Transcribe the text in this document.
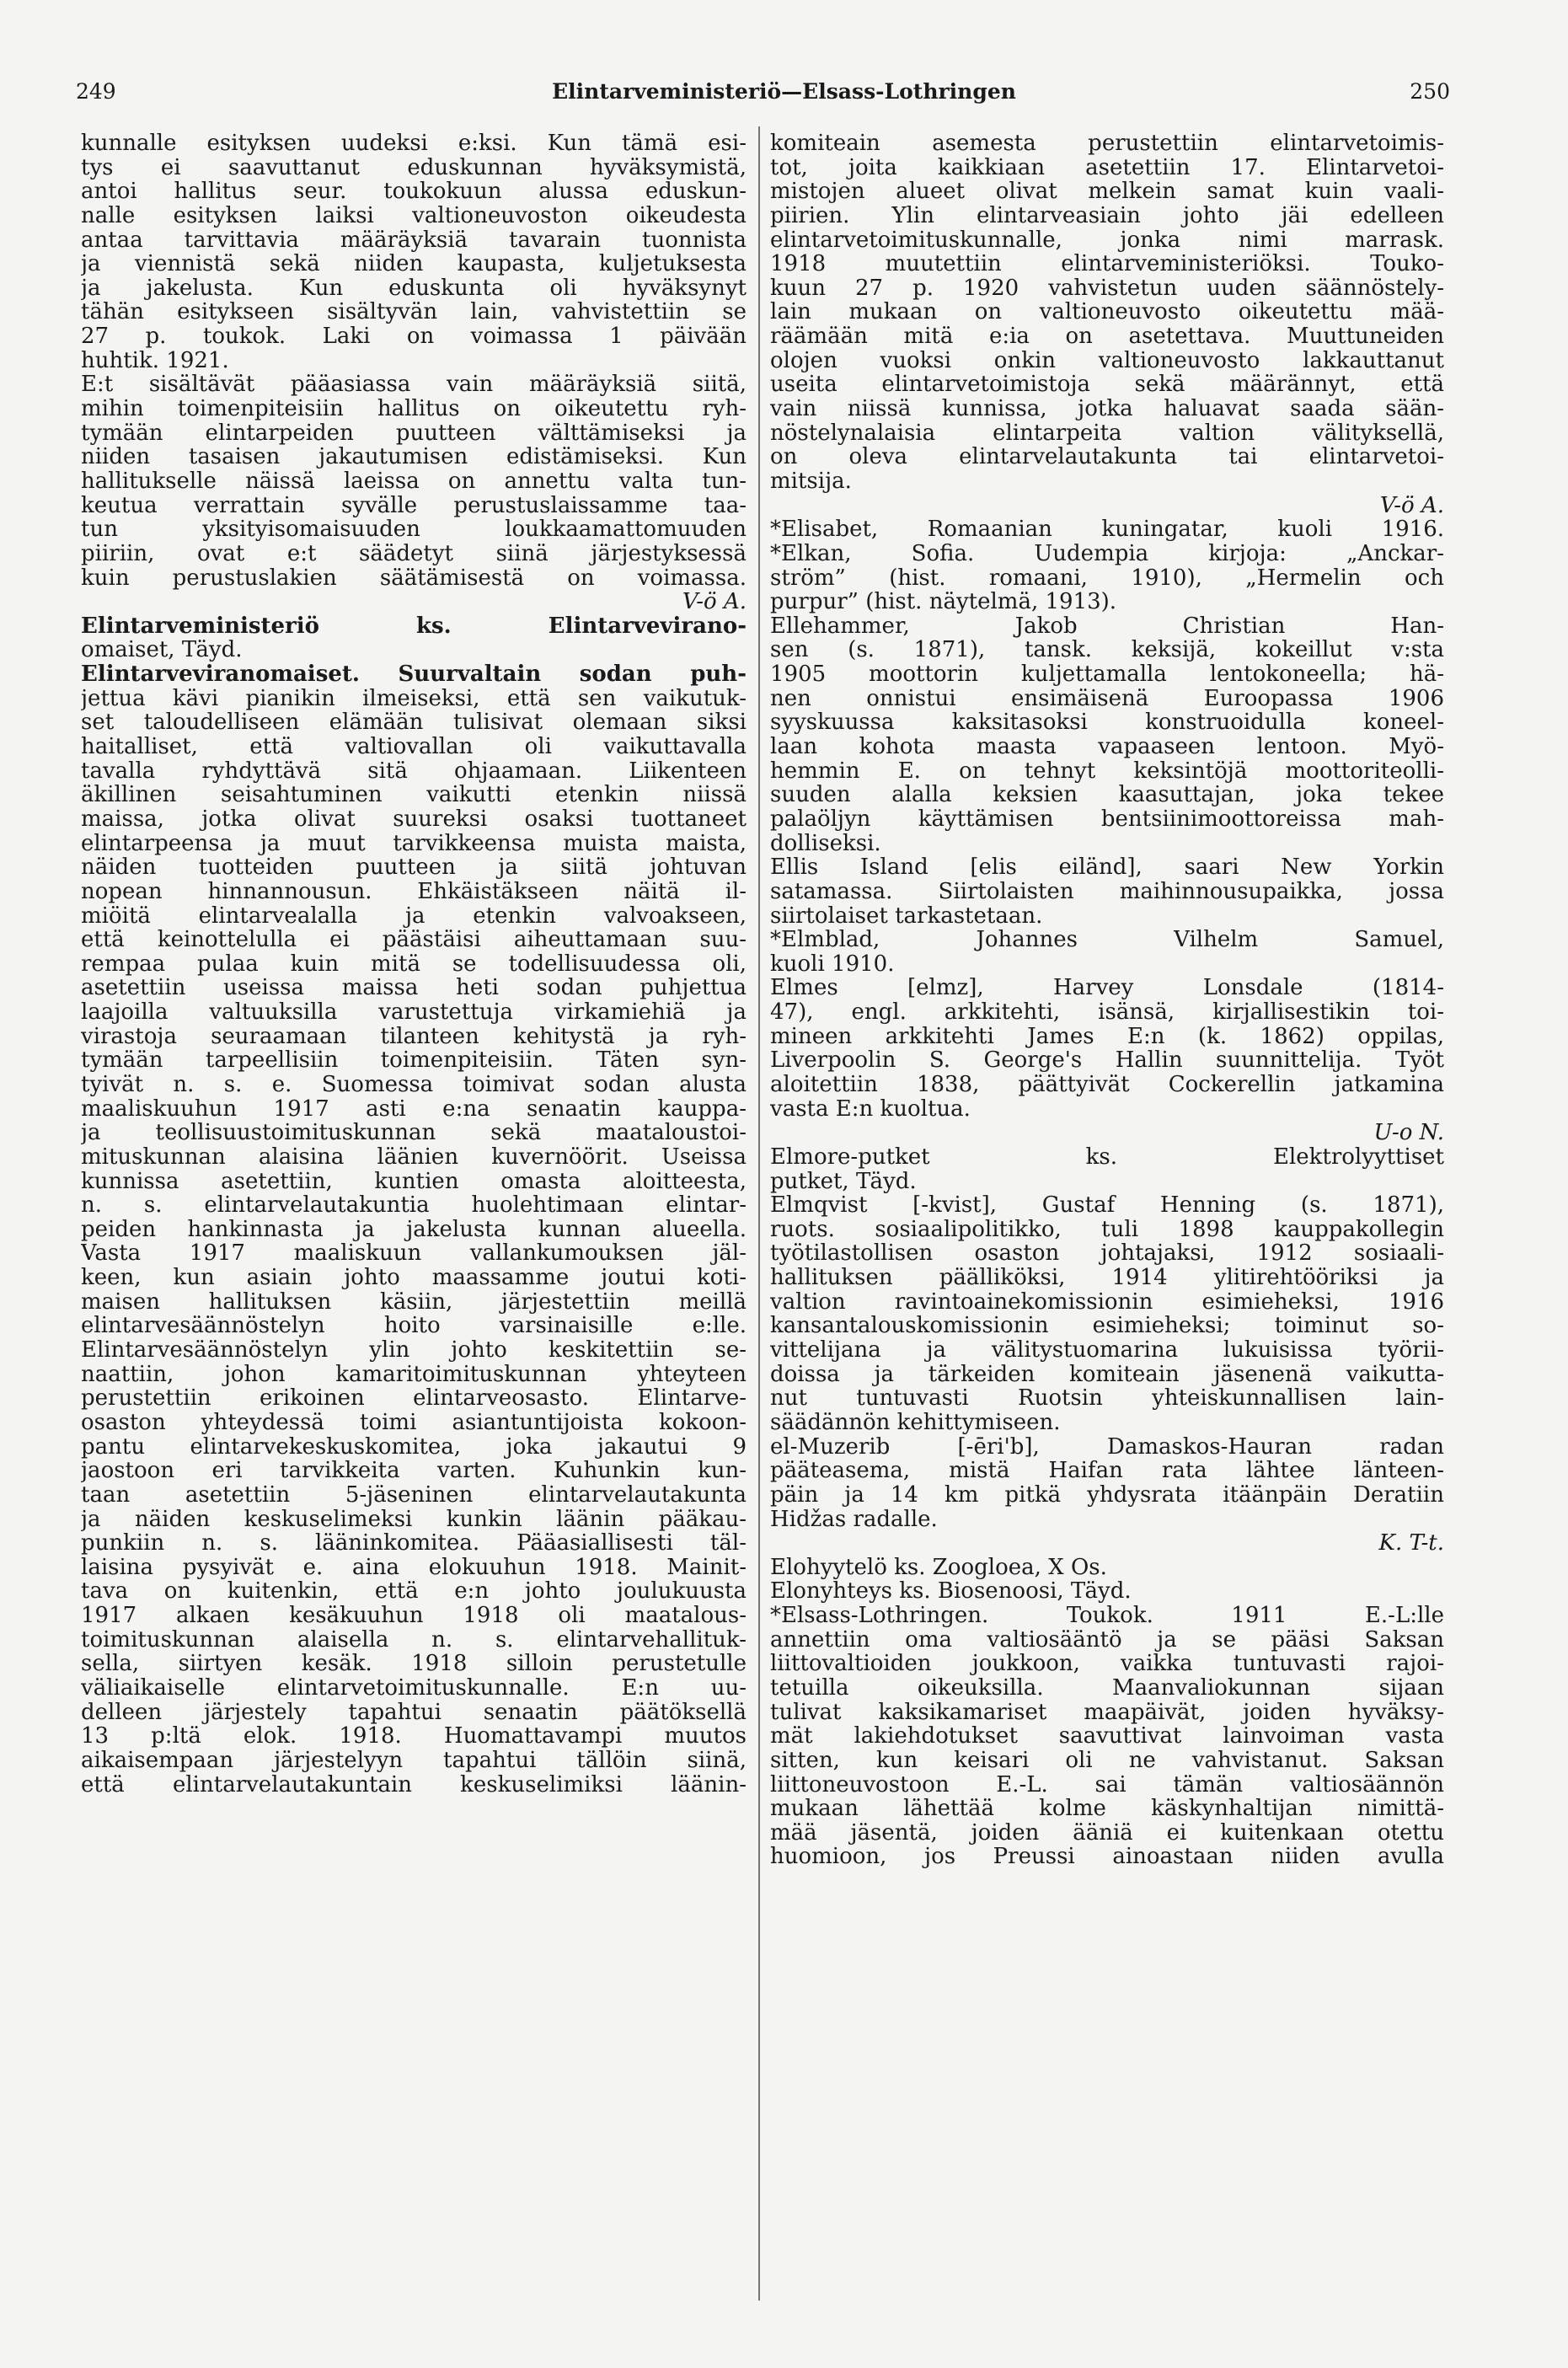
249	Elintarveministeriö—Elsass-Lothringen	250
kunnalle esityksen uudeksi e:ksi. Kun tämä esi-
tys ei saavuttanut eduskunnan hyväksymistä,
antoi hallitus seur. toukokuun alussa eduskun-
nalle esityksen laiksi valtioneuvoston oikeudesta
antaa tarvittavia määräyksiä tavarain tuonnista
ja viennistä sekä niiden kaupasta, kuljetuksesta
ja jakelusta. Kun eduskunta oli hyväksynyt
tähän esitykseen sisältyvän lain, vahvistettiin se
27 p. toukok. Laki on voimassa 1 päivään
huhtik. 1921.
E:t sisältävät pääasiassa vain määräyksiä siitä,
mihin toimenpiteisiin hallitus on oikeutettu ryh-
tymään elintarpeiden puutteen välttämiseksi ja
niiden tasaisen jakautumisen edistämiseksi. Kun
hallitukselle näissä laeissa on annettu valta tun-
keutua verrattain syvälle perustuslaissamme taa-
tun yksityisomaisuuden loukkaamattomuuden
piiriin, ovat e:t säädetyt siinä järjestyksessä
kuin perustuslakien säätämisestä on voimassa.
V-ö A.
Elintarveministeriö ks. Elintarvevirano-
omaiset, Täyd.
Elintarveviranomaiset. Suurvaltain sodan puh-
jettua kävi pianikin ilmeiseksi, että sen vaikutuk-
set taloudelliseen elämään tulisivat olemaan siksi
haitalliset, että valtiovallan oli vaikuttavalla
tavalla ryhdyttävä sitä ohjaamaan. Liikenteen
äkillinen seisahtuminen vaikutti etenkin niissä
maissa, jotka olivat suureksi osaksi tuottaneet
elintarpeensa ja muut tarvikkeensa muista maista,
näiden tuotteiden puutteen ja siitä johtuvan
nopean hinnannousun. Ehkäistäkseen näitä il-
miöitä elintarvealalla ja etenkin valvoakseen,
että keinottelulla ei päästäisi aiheuttamaan suu-
rempaa pulaa kuin mitä se todellisuudessa oli,
asetettiin useissa maissa heti sodan puhjettua
laajoilla valtuuksilla varustettuja virkamiehiä ja
virastoja seuraamaan tilanteen kehitystä ja ryh-
tymään tarpeellisiin toimenpiteisiin. Täten syn-
tyivät n. s. e. Suomessa toimivat sodan alusta
maaliskuuhun 1917 asti e:na senaatin kauppa-
ja teollisuustoimituskunnan sekä maataloustoi-
mituskunnan alaisina läänien kuvernöörit. Useissa
kunnissa asetettiin, kuntien omasta aloitteesta,
n. s. elintarvelautakuntia huolehtimaan elintar-
peiden hankinnasta ja jakelusta kunnan alueella.
Vasta 1917 maaliskuun vallankumouksen jäl-
keen, kun asiain johto maassamme joutui koti-
maisen hallituksen käsiin, järjestettiin meillä
elintarvesäännöstelyn hoito varsinaisille e:lle.
Elintarvesäännöstelyn ylin johto keskitettiin se-
naattiin, johon kamaritoimituskunnan yhteyteen
perustettiin erikoinen elintarveosasto. Elintarve-
osaston yhteydessä toimi asiantuntijoista kokoon-
pantu elintarvekeskuskomitea, joka jakautui 9
jaostoon eri tarvikkeita varten. Kuhunkin kun-
taan asetettiin 5-jäseninen elintarvelautakunta
ja näiden keskuselimeksi kunkin läänin pääkau-
punkiin n. s. lääninkomitea. Pääasiallisesti täl-
laisina pysyivät e. aina elokuuhun 1918. Mainit-
tava on kuitenkin, että e:n johto joulukuusta
1917 alkaen kesäkuuhun 1918 oli maatalous-
toimituskunnan alaisella n. s. elintarvehallituk-
sella, siirtyen kesäk. 1918 silloin perustetulle
väliaikaiselle elintarvetoimituskunnalle. E:n uu-
delleen järjestely tapahtui senaatin päätöksellä
13 p:ltä elok. 1918. Huomattavampi muutos
aikaisempaan järjestelyyn tapahtui tällöin siinä,
että elintarvelautakuntain keskuselimiksi läänin-
komiteain asemesta perustettiin elintarvetoimis-
tot, joita kaikkiaan asetettiin 17. Elintarvetoi-
mistojen alueet olivat melkein samat kuin vaali-
piirien. Ylin elintarveasiain johto jäi edelleen
elintarvetoimituskunnalle, jonka nimi marrask.
1918 muutettiin elintarveministeriöksi. Touko-
kuun 27 p. 1920 vahvistetun uuden säännöstely-
lain mukaan on valtioneuvosto oikeutettu mää-
räämään mitä e:ia on asetettava. Muuttuneiden
olojen vuoksi onkin valtioneuvosto lakkauttanut
useita elintarvetoimistoja sekä määrännyt, että
vain niissä kunnissa, jotka haluavat saada sään-
nöstelynalaisia elintarpeita valtion välityksellä,
on oleva elintarvelautakunta tai elintarvetoi-
mitsija.
V-ö A.
*Elisabet, Romaanian kuningatar, kuoli 1916.
*Elkan, Sofia. Uudempia kirjoja: „Anckar-
ström” (hist. romaani, 1910), „Hermelin och
purpur” (hist. näytelmä, 1913).
Ellehammer, Jakob Christian Han-
sen (s. 1871), tansk. keksijä, kokeillut v:sta
1905 moottorin kuljettamalla lentokoneella; hä-
nen onnistui ensimäisenä Euroopassa 1906
syyskuussa kaksitasoksi konstruoidulla koneel-
laan kohota maasta vapaaseen lentoon. Myö-
hemmin E. on tehnyt keksintöjä moottoriteolli-
suuden alalla keksien kaasuttajan, joka tekee
palaöljyn käyttämisen bentsiinimoottoreissa mah-
dolliseksi.
Ellis Island [elis eiländ], saari New Yorkin
satamassa. Siirtolaisten maihinnousupaikka, jossa
siirtolaiset tarkastetaan.
*Elmblad, Johannes Vilhelm Samuel,
kuoli 1910.
Elmes [elmz], Harvey Lonsdale (1814-
47), engl. arkkitehti, isänsä, kirjallisestikin toi-
mineen arkkitehti James E:n (k. 1862) oppilas,
Liverpoolin S. George's Hallin suunnittelija. Työt
aloitettiin 1838, päättyivät Cockerellin jatkamina
vasta E:n kuoltua.
U-o N.
Elmore-putket ks. Elektrolyyttiset
putket, Täyd.
Elmqvist [-kvist], Gustaf Henning (s. 1871),
ruots. sosiaalipolitikko, tuli 1898 kauppakollegin
työtilastollisen osaston johtajaksi, 1912 sosiaali-
hallituksen päälliköksi, 1914 ylitirehtööriksi ja
valtion ravintoainekomissionin esimieheksi, 1916
kansantalouskomissionin esimieheksi; toiminut so-
vittelijana ja välitystuomarina lukuisissa työrii-
doissa ja tärkeiden komiteain jäsenenä vaikutta-
nut tuntuvasti Ruotsin yhteiskunnallisen lain-
säädännön kehittymiseen.
el-Muzerib [-ēri'b], Damaskos-Hauran radan
pääteasema, mistä Haifan rata lähtee länteen-
päin ja 14 km pitkä yhdysrata itäänpäin Deratiin
Hidžas radalle.
K. T-t.
Elohyytelö ks. Zoogloea, X Os.
Elonyhteys ks. Biosenoosi, Täyd.
*Elsass-Lothringen. Toukok. 1911 E.-L:lle
annettiin oma valtiosääntö ja se pääsi Saksan
liittovaltioiden joukkoon, vaikka tuntuvasti rajoi-
tetuilla oikeuksilla. Maanvaliokunnan sijaan
tulivat kaksikamariset maapäivät, joiden hyväksy-
mät lakiehdotukset saavuttivat lainvoiman vasta
sitten, kun keisari oli ne vahvistanut. Saksan
liittoneuvostoon E.-L. sai tämän valtiosäännön
mukaan lähettää kolme käskynhaltijan nimittä-
mää jäsentä, joiden ääniä ei kuitenkaan otettu
huomioon, jos Preussi ainoastaan niiden avulla
